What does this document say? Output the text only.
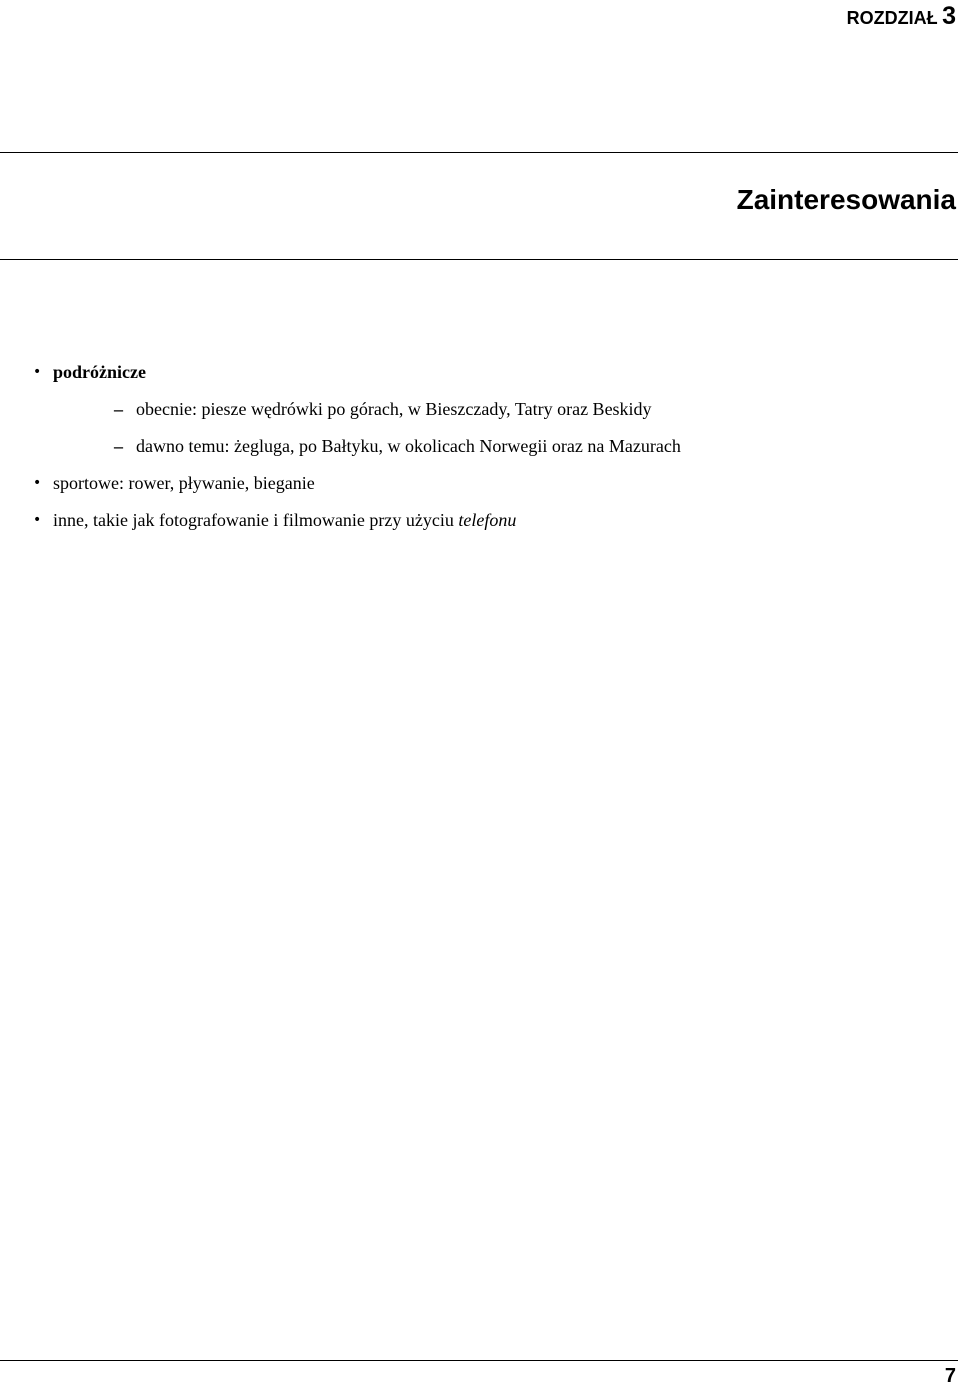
ROZDZIAŁ 3
Zainteresowania
• podróżnicze
– obecnie: piesze wędrówki po górach, w Bieszczady, Tatry oraz Beskidy
– dawno temu: żegluga, po Bałtyku, w okolicach Norwegii oraz na Mazurach
• sportowe: rower, pływanie, bieganie
• inne, takie jak fotografowanie i filmowanie przy użyciu telefonu
7
